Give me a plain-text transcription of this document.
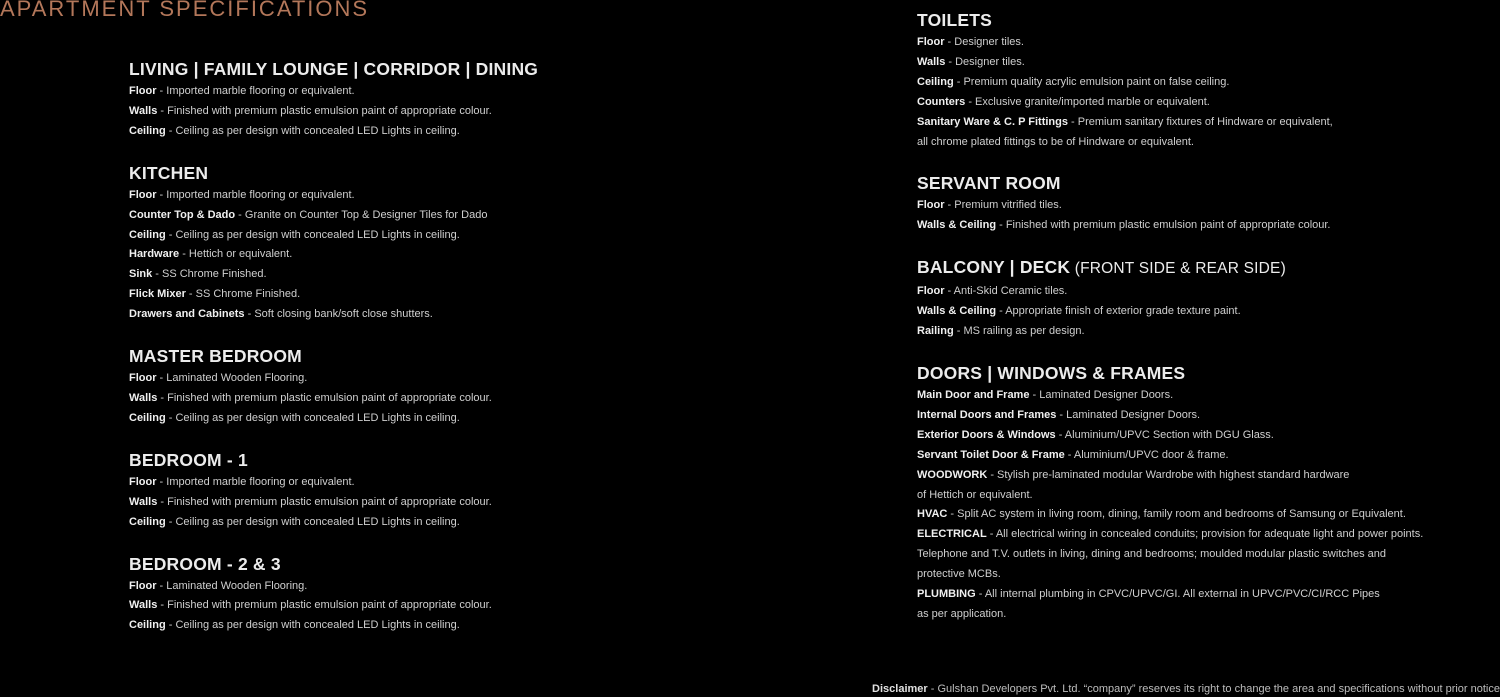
APARTMENT SPECIFICATIONS
LIVING | FAMILY LOUNGE | CORRIDOR | DINING
Floor - Imported marble flooring or equivalent.
Walls - Finished with premium plastic emulsion paint of appropriate colour.
Ceiling - Ceiling as per design with concealed LED Lights in ceiling.
KITCHEN
Floor - Imported marble flooring or equivalent.
Counter Top & Dado - Granite on Counter Top & Designer Tiles for Dado
Ceiling - Ceiling as per design with concealed LED Lights in ceiling.
Hardware - Hettich or equivalent.
Sink - SS Chrome Finished.
Flick Mixer - SS Chrome Finished.
Drawers and Cabinets - Soft closing bank/soft close shutters.
MASTER BEDROOM
Floor - Laminated Wooden Flooring.
Walls - Finished with premium plastic emulsion paint of appropriate colour.
Ceiling - Ceiling as per design with concealed LED Lights in ceiling.
BEDROOM - 1
Floor - Imported marble flooring or equivalent.
Walls - Finished with premium plastic emulsion paint of appropriate colour.
Ceiling - Ceiling as per design with concealed LED Lights in ceiling.
BEDROOM - 2 & 3
Floor - Laminated Wooden Flooring.
Walls - Finished with premium plastic emulsion paint of appropriate colour.
Ceiling - Ceiling as per design with concealed LED Lights in ceiling.
TOILETS
Floor - Designer tiles.
Walls - Designer tiles.
Ceiling - Premium quality acrylic emulsion paint on false ceiling.
Counters - Exclusive granite/imported marble or equivalent.
Sanitary Ware & C. P Fittings - Premium sanitary fixtures of Hindware or equivalent,
all chrome plated fittings to be of Hindware or equivalent.
SERVANT ROOM
Floor - Premium vitrified tiles.
Walls & Ceiling - Finished with premium plastic emulsion paint of appropriate colour.
BALCONY | DECK (FRONT SIDE & REAR SIDE)
Floor - Anti-Skid Ceramic tiles.
Walls & Ceiling - Appropriate finish of exterior grade texture paint.
Railing - MS railing as per design.
DOORS | WINDOWS & FRAMES
Main Door and Frame - Laminated Designer Doors.
Internal Doors and Frames - Laminated Designer Doors.
Exterior Doors & Windows - Aluminium/UPVC Section with DGU Glass.
Servant Toilet Door & Frame - Aluminium/UPVC door & frame.
WOODWORK - Stylish pre-laminated modular Wardrobe with highest standard hardware
of Hettich or equivalent.
HVAC - Split AC system in living room, dining, family room and bedrooms of Samsung or Equivalent.
ELECTRICAL - All electrical wiring in concealed conduits; provision for adequate light and power points.
Telephone and T.V. outlets in living, dining and bedrooms; moulded modular plastic switches and
protective MCBs.
PLUMBING - All internal plumbing in CPVC/UPVC/GI. All external in UPVC/PVC/CI/RCC Pipes
as per application.
Disclaimer - Gulshan Developers Pvt. Ltd. “company” reserves its right to change the area and specifications without prior notice
